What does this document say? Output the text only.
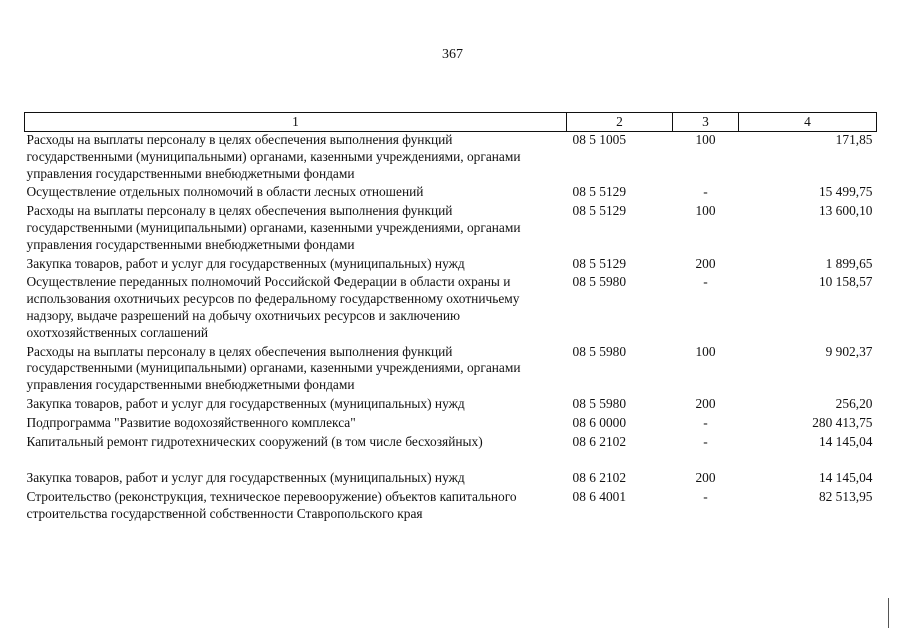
367
1	2	3	4
Расходы на выплаты персоналу в целях обеспечения выполнения функций государственными (муниципальными) органами, казенными учреждениями, органами управления государственными внебюджетными фондами	08 5 1005	100	171,85
Осуществление отдельных полномочий в области лесных отношений	08 5 5129	-	15 499,75
Расходы на выплаты персоналу в целях обеспечения выполнения функций государственными (муниципальными) органами, казенными учреждениями, органами управления государственными внебюджетными фондами	08 5 5129	100	13 600,10
Закупка товаров, работ и услуг для государственных (муниципальных) нужд	08 5 5129	200	1 899,65
Осуществление переданных полномочий Российской Федерации в области охраны и использования охотничьих ресурсов по федеральному государственному охотничьему надзору, выдаче разрешений на добычу охотничьих ресурсов и заключению охотхозяйственных соглашений	08 5 5980	-	10 158,57
Расходы на выплаты персоналу в целях обеспечения выполнения функций государственными (муниципальными) органами, казенными учреждениями, органами управления государственными внебюджетными фондами	08 5 5980	100	9 902,37
Закупка товаров, работ и услуг для государственных (муниципальных) нужд	08 5 5980	200	256,20
Подпрограмма "Развитие водохозяйственного комплекса"	08 6 0000	-	280 413,75
Капитальный ремонт гидротехнических сооружений (в том числе бесхозяйных)	08 6 2102	-	14 145,04
Закупка товаров, работ и услуг для государственных (муниципальных) нужд	08 6 2102	200	14 145,04
Строительство (реконструкция, техническое перевооружение) объектов капитального строительства государственной собственности Ставропольского края	08 6 4001	-	82 513,95
